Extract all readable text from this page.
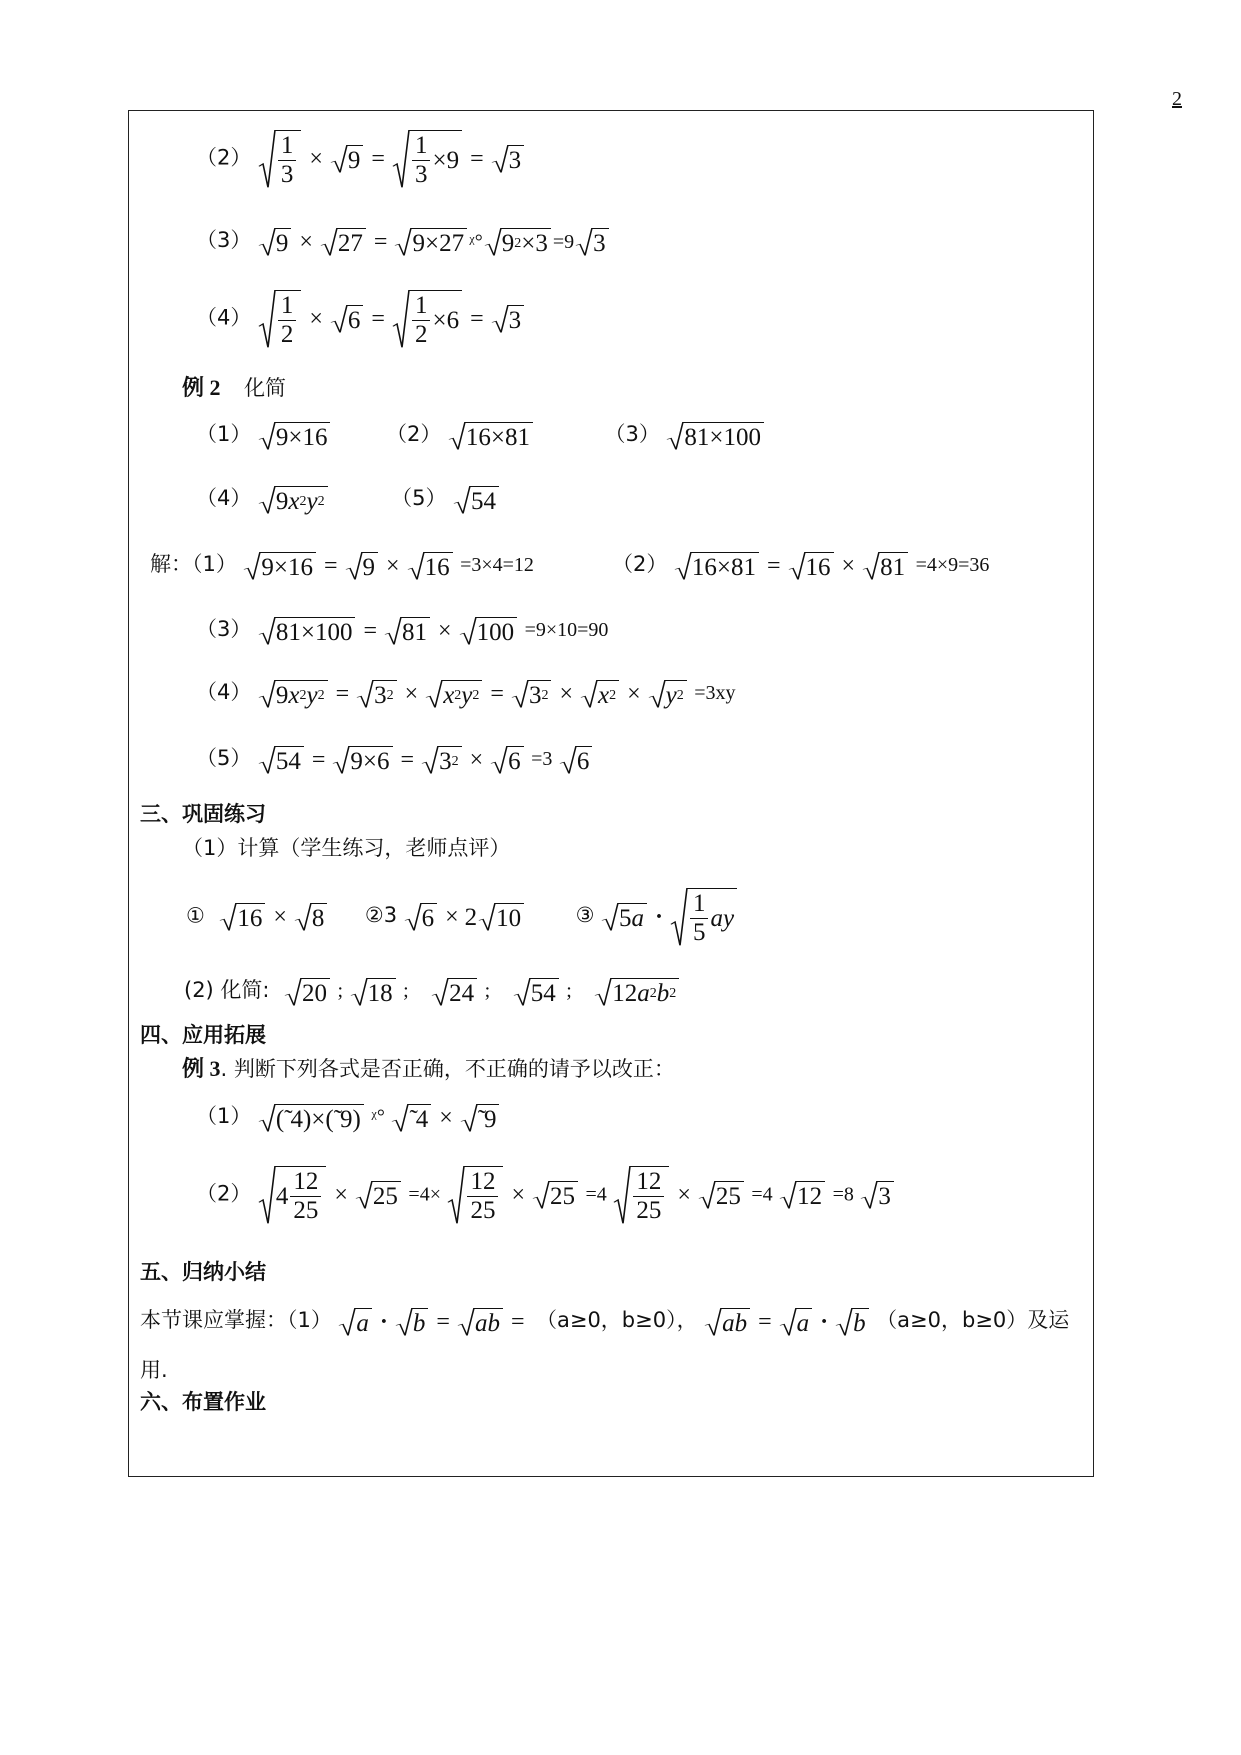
2
$(2) \frac{1}{3} \times 9 = \frac{1}{3} \times 9 = 3$
（3） 9 × 27 = 9×27 ᵡ° 9 2 ×3 =9 3
$(4) \frac{1}{2} \times 6 = \frac{1}{2} \times 6 = 3$
例 2 化简
（1） 9×16	（2） 16×81	（3） 81×100
（4） 9 x 2 y 2	（5） 54
解：（1） 9×16 = 9 × 16 =3×4=12	（2） 16×81 = 16 × 81 =4×9=36
（3） 81×100 = 81 × 100 =9×10=90
（4） 9 x 2 y 2 = 3 2 × x 2 y 2 = 3 2 × x 2 × y 2 =3xy
（5） 54 = 9×6 = 3 2 × 6 =3 6
三、巩固练习
（1）计算（学生练习，老师点评）
① 16 × 8 ②3 6 × 2 10	③ 5 $a \cdot \frac{1}{5}$ ay
(2) 化简: 20 ; 18 ; 24 ; 54 ; 12 a 2 b 2
四、应用拓展
例 3. 判断下列各式是否正确，不正确的请予以改正：
（1） (̃ 4)×(̃ 9) ᵡ° ̃ 4 × ̃ 9
（2） $4 \frac{12}{25} \times 25 =4\times \frac{12}{25} \times 25 =4 \frac{12}{25} \times 25 =4$ 12 =8 3
五、归纳小结
本节课应掌握：（1） a · b = ab = （a≥0，b≥0）， ab = a · b （a≥0，b≥0）及运
用.
六、布置作业
